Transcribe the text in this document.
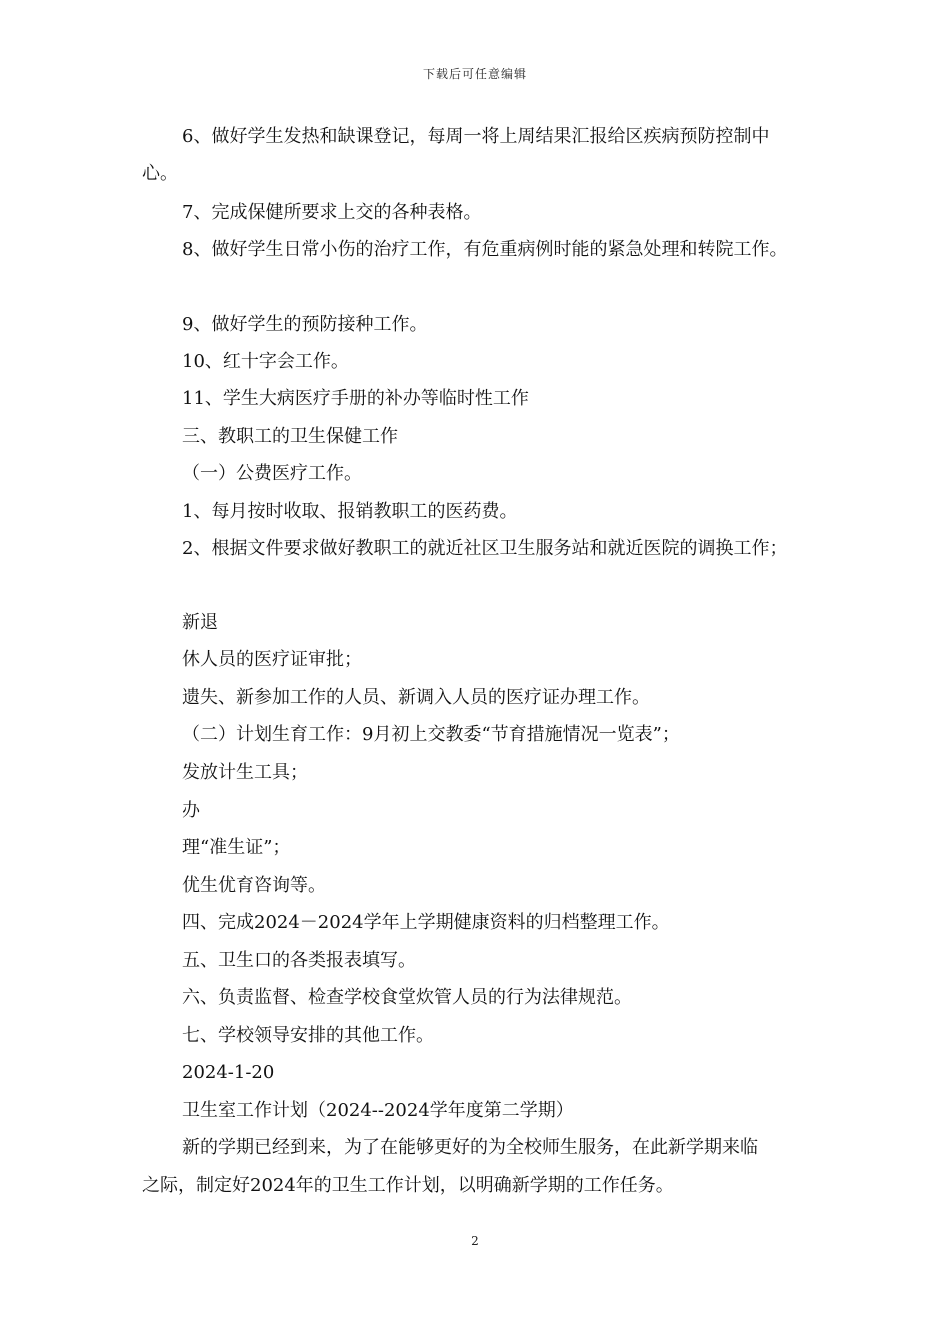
下载后可任意编辑
6、做好学生发热和缺课登记，每周一将上周结果汇报给区疾病预防控制中
心。
7、完成保健所要求上交的各种表格。
8、做好学生日常小伤的治疗工作，有危重病例时能的紧急处理和转院工作。
9、做好学生的预防接种工作。
10、红十字会工作。
11、学生大病医疗手册的补办等临时性工作
三、教职工的卫生保健工作
（一）公费医疗工作。
1、每月按时收取、报销教职工的医药费。
2、根据文件要求做好教职工的就近社区卫生服务站和就近医院的调换工作；
新退
休人员的医疗证审批；
遗失、新参加工作的人员、新调入人员的医疗证办理工作。
（二）计划生育工作：9月初上交教委“节育措施情况一览表”；
发放计生工具；
办
理“准生证”；
优生优育咨询等。
四、完成2024－2024学年上学期健康资料的归档整理工作。
五、卫生口的各类报表填写。
六、负责监督、检查学校食堂炊管人员的行为法律规范。
七、学校领导安排的其他工作。
2024-1-20
卫生室工作计划（2024--2024学年度第二学期）
新的学期已经到来，为了在能够更好的为全校师生服务，在此新学期来临
之际，制定好2024年的卫生工作计划，以明确新学期的工作任务。
2
